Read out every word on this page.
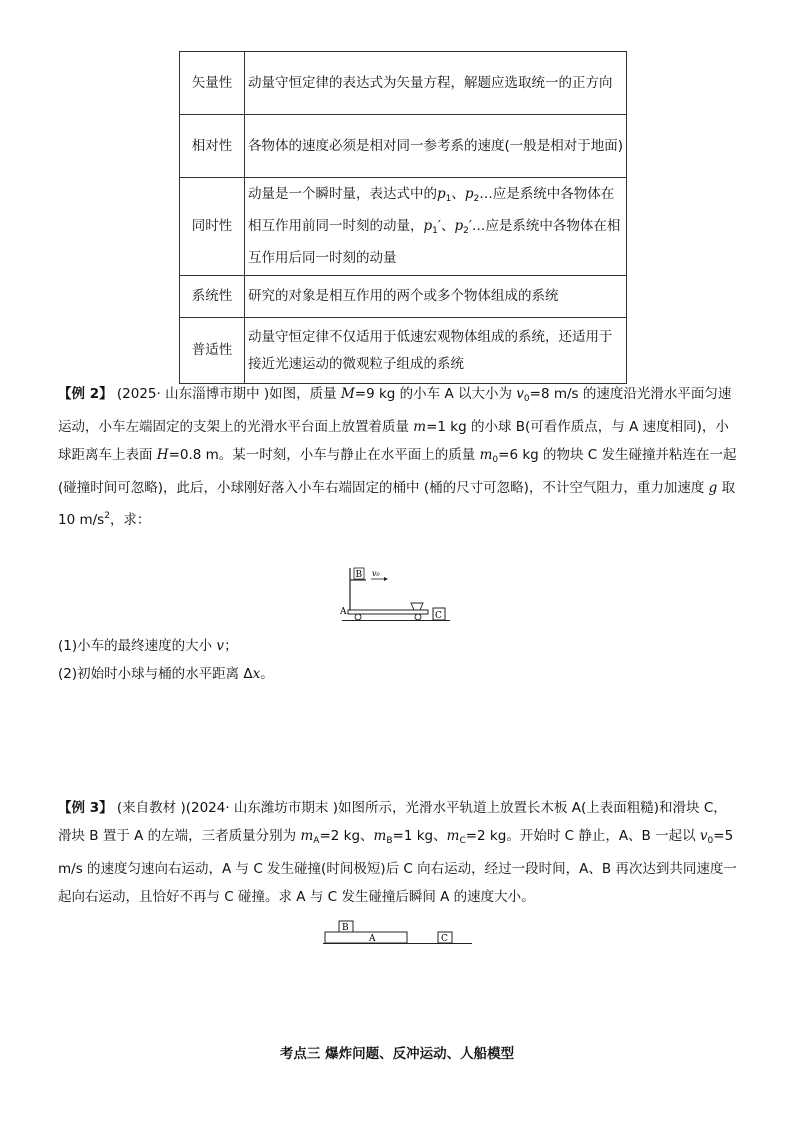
矢量性	动量守恒定律的表达式为矢量方程，解题应选取统一的正方向
相对性	各物体的速度必须是相对同一参考系的速度(一般是相对于地面)
同时性	动量是一个瞬时量，表达式中的$p_1$、$p_2\dots$应是系统中各物体在相互作用前同一时刻的动量，$p_1'$、$p_2'\dots$应是系统中各物体在相互作用后同一时刻的动量
系统性	研究的对象是相互作用的两个或多个物体组成的系统
普适性	动量守恒定律不仅适用于低速宏观物体组成的系统，还适用于接近光速运动的微观粒子组成的系统
【例 2】 (2025· 山东淄博市期中 )如图，质量 M=9 kg 的小车 A 以大小为 $v_0=8$ m/s 的速度沿光滑水平面匀速运动，小车左端固定的支架上的光滑水平台面上放置着质量 m=1 kg 的小球 B(可看作质点，与 A 速度相同)，小球距离车上表面 H=0.8 m。某一时刻，小车与静止在水平面上的质量 $m_0=6$ kg 的物块 C 发生碰撞并粘连在一起(碰撞时间可忽略)，此后，小球刚好落入小车右端固定的桶中 (桶的尺寸可忽略)，不计空气阻力，重力加速度 g 取 10 $m/s^2$，求：
B v₀
A	C
(1)小车的最终速度的大小 v；
(2)初始时小球与桶的水平距离 Δx。
【例 3】 (来自教材 )(2024· 山东潍坊市期末 )如图所示，光滑水平轨道上放置长木板 A(上表面粗糙)和滑块 C，滑块 B 置于 A 的左端，三者质量分别为 $m_A=2$ kg、$m_B=1$ kg、$m_C=2$ kg。开始时 C 静止，A、B 一起以 $v_0=5$ m/s 的速度匀速向右运动，A 与 C 发生碰撞(时间极短)后 C 向右运动，经过一段时间，A、B 再次达到共同速度一起向右运动，且恰好不再与 C 碰撞。求 A 与 C 发生碰撞后瞬间 A 的速度大小。
B
A	C
考点三 爆炸问题、反冲运动、人船模型
